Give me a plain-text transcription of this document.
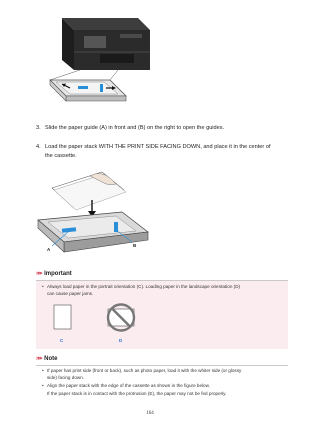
3. Slide the paper guide (A) in front and (B) on the right to open the guides.
4. Load the paper stack WITH THE PRINT SIDE FACING DOWN, and place it in the center of
the cassette.
A
B
>>> Important
• Always load paper in the portrait orientation (C). Loading paper in the landscape orientation (D)
can cause paper jams.
C	D
>>> Note
• If paper has print side (front or back), such as photo paper, load it with the whiter side (or glossy
side) facing down.
• Align the paper stack with the edge of the cassette as shown in the figure below.
If the paper stack is in contact with the protrusion (E), the paper may not be fed properly.
164
